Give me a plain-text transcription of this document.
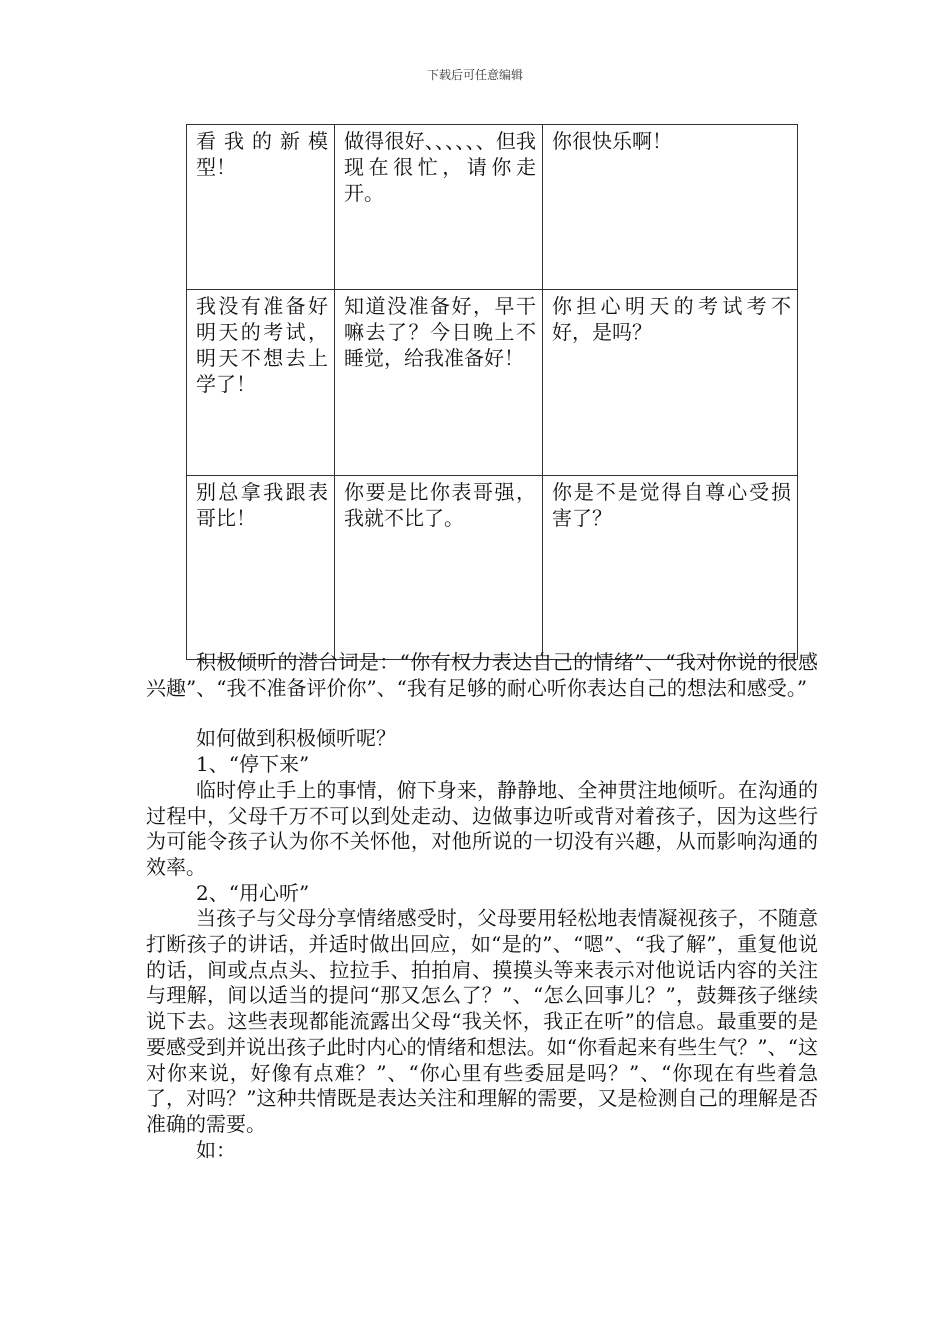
下载后可任意编辑
看我的新模型！	做得很好、、、、、、但我现在很忙，请你走开。	你很快乐啊！
我没有准备好明天的考试，明天不想去上学了！	知道没准备好，早干嘛去了？今日晚上不睡觉，给我准备好！	你担心明天的考试考不好，是吗？
别总拿我跟表哥比！	你要是比你表哥强，我就不比了。	你是不是觉得自尊心受损害了？

积极倾听的潜台词是：“你有权力表达自己的情绪”、“我对你说的很感兴趣”、“我不准备评价你”、“我有足够的耐心听你表达自己的想法和感受。”

如何做到积极倾听呢？

1、“停下来”

临时停止手上的事情，俯下身来，静静地、全神贯注地倾听。在沟通的过程中，父母千万不可以到处走动、边做事边听或背对着孩子，因为这些行为可能令孩子认为你不关怀他，对他所说的一切没有兴趣，从而影响沟通的效率。

2、“用心听”

当孩子与父母分享情绪感受时，父母要用轻松地表情凝视孩子，不随意打断孩子的讲话，并适时做出回应，如“是的”、“嗯”、“我了解”，重复他说的话，间或点点头、拉拉手、拍拍肩、摸摸头等来表示对他说话内容的关注与理解，间以适当的提问“那又怎么了？”、“怎么回事儿？”，鼓舞孩子继续说下去。这些表现都能流露出父母“我关怀，我正在听”的信息。最重要的是要感受到并说出孩子此时内心的情绪和想法。如“你看起来有些生气？”、“这对你来说，好像有点难？”、“你心里有些委屈是吗？”、“你现在有些着急了，对吗？”这种共情既是表达关注和理解的需要，又是检测自己的理解是否准确的需要。

如：
